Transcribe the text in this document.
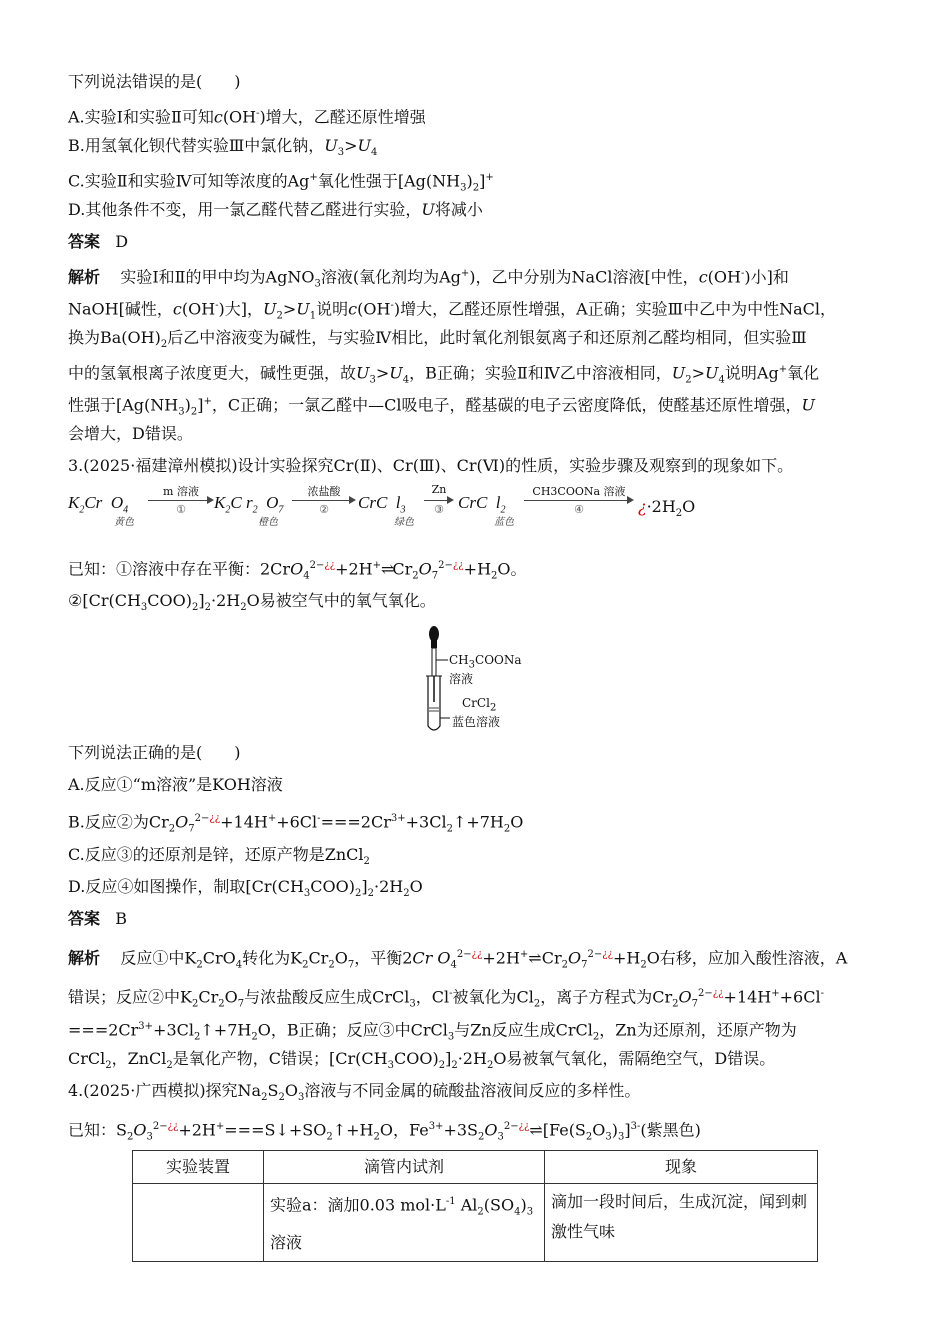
下列说法错误的是(　　)
A.实验Ⅰ和实验Ⅱ可知c(OH-)增大，乙醛还原性增强
B.用氢氧化钡代替实验Ⅲ中氯化钠，$U_3>U_4$
C.实验Ⅱ和实验Ⅳ可知等浓度的Ag+氧化性强于$[Ag(NH_3)_2]^+$
D.其他条件不变，用一氯乙醛代替乙醛进行实验，U将减小
答案 D
解析    实验Ⅰ和Ⅱ的甲中均为AgNO$_3$溶液(氧化剂均为Ag+)，乙中分别为NaCl溶液[中性，c(OH-)小]和
NaOH[碱性，c(OH-)大]，$U_2>U_1$说明c(OH-)增大，乙醛还原性增强，A正确；实验Ⅲ中乙中为中性NaCl，
换为$Ba(OH)_2$后乙中溶液变为碱性，与实验Ⅳ相比，此时氧化剂银氨离子和还原剂乙醛均相同，但实验Ⅲ
中的氢氧根离子浓度更大，碱性更强，故$U_3>U_4$，B正确；实验Ⅱ和Ⅳ乙中溶液相同，$U_2>U_4$说明Ag+氧化
性强于$[Ag(NH_3)_2]^+$，C正确；一氯乙醛中—Cl吸电子，醛基碳的电子云密度降低，使醛基还原性增强，U
会增大，D错误。
3.(2025·福建漳州模拟)设计实验探究Cr(Ⅱ)、Cr(Ⅲ)、Cr(Ⅵ)的性质，实验步骤及观察到的现象如下。
$K_2Cr$ $O_4$
黄色
m 溶液
①	$K_2C$ $r_2$ $O_7$
橙色
浓盐酸
②	CrC $l_3$
绿色
Zn
③ CrC $l_2$
蓝色
CH3COONa 溶液
④	¿$\cdot 2H_2O$
已知：①溶液中存在平衡：$2CrO_4^{2-¿¿}+2H^+\rightleftharpoons Cr_2O_7^{2-¿¿}+H_2O$。
$②[Cr(CH_3COO)_2]_2\cdot 2H_2O$易被空气中的氧气氧化。
$CH_3COONa$
溶液
CrCl$_2$
蓝色溶液
下列说法正确的是(　　)
A.反应①“m溶液”是KOH溶液
B.反应②为$Cr_2O_7^{2-¿¿}+14H^++6Cl^-===2Cr^{3+}+3Cl_2↑+7H_2O$
C.反应③的还原剂是锌，还原产物是ZnCl$_2$
D.反应④如图操作，制取$[Cr(CH_3COO)_2]_2\cdot 2H_2O$
答案 B
解析    反应①中$K_2CrO_4$转化为$K_2Cr_2O_7$，平衡2Cr $O_4^{2-¿¿}+2H^+\rightleftharpoons Cr_2O_7^{2-¿¿}+H_2O$右移，应加入酸性溶液，A
错误；反应②中$K_2Cr_2O_7$与浓盐酸反应生成CrCl$_3$，Cl-被氧化为$Cl_2$，离子方程式为$Cr_2O_7^{2-¿¿}+14H^++6Cl^-$
$===2Cr^{3+}+3Cl_2↑+7H_2O$，B正确；反应③中CrCl$_3$与Zn反应生成CrCl$_2$，Zn为还原剂，还原产物为
CrCl$_2$，ZnCl$_2$是氧化产物，C错误；$[Cr(CH_3COO)_2]_2\cdot 2H_2O$易被氧气氧化，需隔绝空气，D错误。
4.(2025·广西模拟)探究$Na_2S_2O_3$溶液与不同金属的硫酸盐溶液间反应的多样性。
已知：$S_2O_3^{2-¿¿}+2H^+===S↓+SO_2↑+H_2O$，$Fe^{3+}+3S_2O_3^{2-¿¿}\rightleftharpoons[Fe(S_2O_3)_3]^{3-}$(紫黑色)
实验装置	滴管内试剂	现象
	实验a：滴加0.03 $mol\cdot L^{-1}$ $Al_2(SO_4)_3$
溶液	滴加一段时间后，生成沉淀，闻到刺激性气味
